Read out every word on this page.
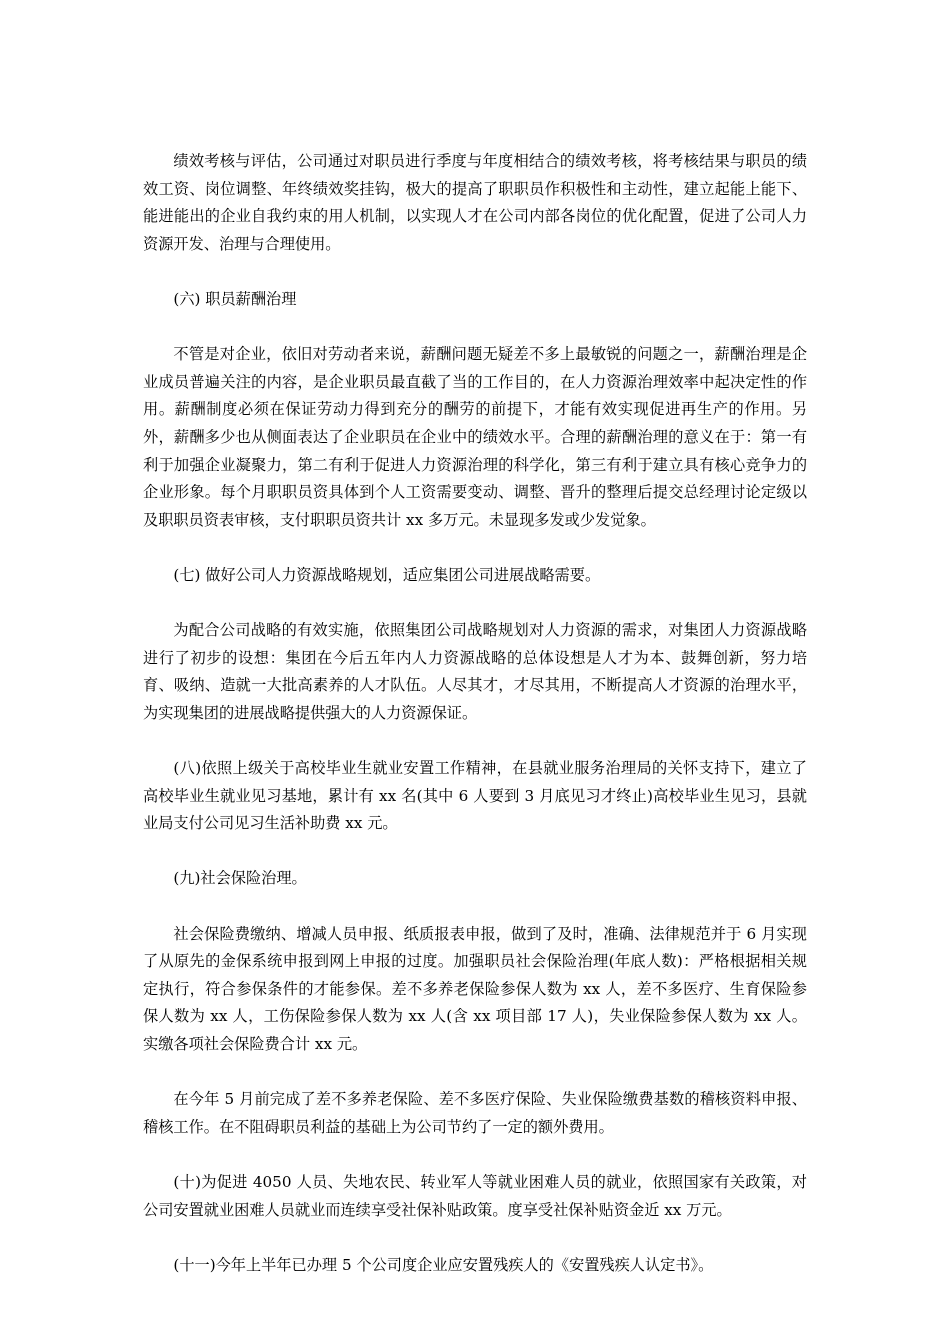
绩效考核与评估，公司通过对职员进行季度与年度相结合的绩效考核，将考核结果与职员的绩效工资、岗位调整、年终绩效奖挂钩，极大的提高了职职员作积极性和主动性，建立起能上能下、能进能出的企业自我约束的用人机制，以实现人才在公司内部各岗位的优化配置，促进了公司人力资源开发、治理与合理使用。

(六) 职员薪酬治理

不管是对企业，依旧对劳动者来说，薪酬问题无疑差不多上最敏锐的问题之一，薪酬治理是企业成员普遍关注的内容，是企业职员最直截了当的工作目的，在人力资源治理效率中起决定性的作用。薪酬制度必须在保证劳动力得到充分的酬劳的前提下，才能有效实现促进再生产的作用。另外，薪酬多少也从侧面表达了企业职员在企业中的绩效水平。合理的薪酬治理的意义在于：第一有利于加强企业凝聚力，第二有利于促进人力资源治理的科学化，第三有利于建立具有核心竞争力的企业形象。每个月职职员资具体到个人工资需要变动、调整、晋升的整理后提交总经理讨论定级以及职职员资表审核，支付职职员资共计 xx 多万元。未显现多发或少发觉象。

(七) 做好公司人力资源战略规划，适应集团公司进展战略需要。

为配合公司战略的有效实施，依照集团公司战略规划对人力资源的需求，对集团人力资源战略进行了初步的设想：集团在今后五年内人力资源战略的总体设想是人才为本、鼓舞创新，努力培育、吸纳、造就一大批高素养的人才队伍。人尽其才，才尽其用，不断提高人才资源的治理水平，为实现集团的进展战略提供强大的人力资源保证。

(八)依照上级关于高校毕业生就业安置工作精神，在县就业服务治理局的关怀支持下，建立了高校毕业生就业见习基地，累计有 xx 名(其中 6 人要到 3 月底见习才终止)高校毕业生见习，县就业局支付公司见习生活补助费 xx 元。

(九)社会保险治理。

社会保险费缴纳、增减人员申报、纸质报表申报，做到了及时，准确、法律规范并于 6 月实现了从原先的金保系统申报到网上申报的过度。加强职员社会保险治理(年底人数)：严格根据相关规定执行，符合参保条件的才能参保。差不多养老保险参保人数为 xx 人，差不多医疗、生育保险参保人数为 xx 人，工伤保险参保人数为 xx 人(含 xx 项目部 17 人)，失业保险参保人数为 xx 人。实缴各项社会保险费合计 xx 元。

在今年 5 月前完成了差不多养老保险、差不多医疗保险、失业保险缴费基数的稽核资料申报、稽核工作。在不阻碍职员利益的基础上为公司节约了一定的额外费用。

(十)为促进 4050 人员、失地农民、转业军人等就业困难人员的就业，依照国家有关政策，对公司安置就业困难人员就业而连续享受社保补贴政策。度享受社保补贴资金近 xx 万元。

(十一)今年上半年已办理 5 个公司度企业应安置残疾人的《安置残疾人认定书》。
